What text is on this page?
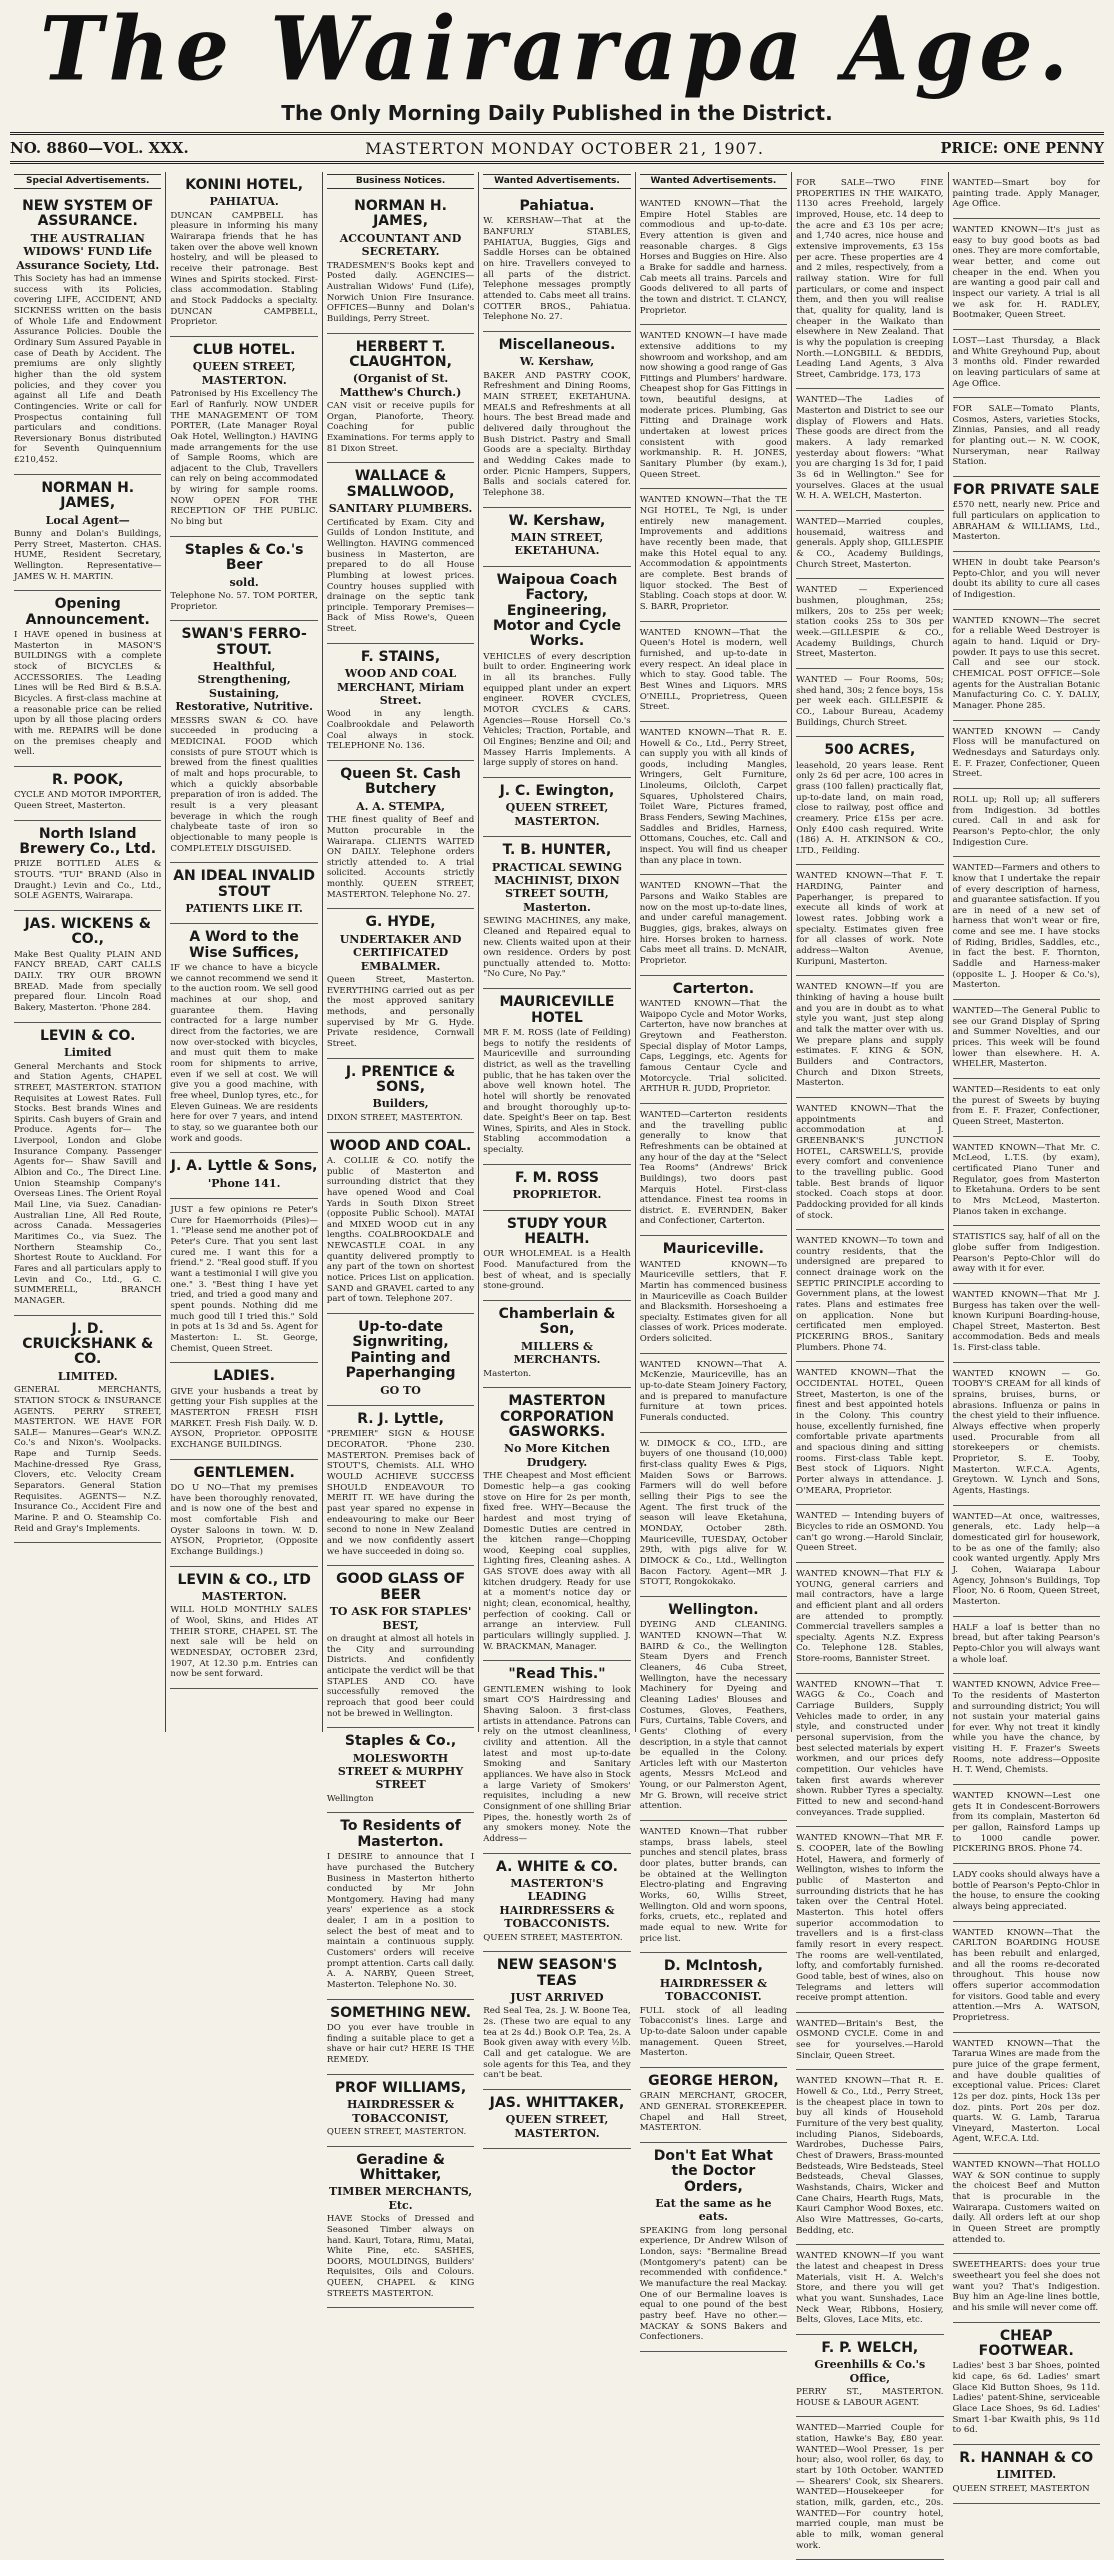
The Wairarapa Age.
The Only Morning Daily Published in the District.
NO. 8860—VOL. XXX.	MASTERTON MONDAY OCTOBER 21, 1907.	PRICE: ONE PENNY
Special Advertisements.
NEW SYSTEM OF ASSURANCE.
THE AUSTRALIAN WIDOWS' FUND Life Assurance Society, Ltd.

This Society has had an immense success with its Policies, covering LIFE, ACCIDENT, AND SICKNESS written on the basis of Whole Life and Endowment Assurance Policies. Double the Ordinary Sum Assured Payable in case of Death by Accident. The premiums are only slightly higher than the old system policies, and they cover you against all Life and Death Contingencies. Write or call for Prospectus containing full particulars and conditions. Reversionary Bonus distributed for Seventh Quinquennium £210,452.

NORMAN H. JAMES,
Local Agent—

Bunny and Dolan's Buildings, Perry Street, Masterton. CHAS. HUME, Resident Secretary, Wellington. Representative— JAMES W. H. MARTIN.

Opening Announcement.

I HAVE opened in business at Masterton in MASON'S BUILDINGS with a complete stock of BICYCLES & ACCESSORIES. The Leading Lines will be Red Bird & B.S.A. Bicycles. A first-class machine at a reasonable price can be relied upon by all those placing orders with me. REPAIRS will be done on the premises cheaply and well.

R. POOK,

CYCLE AND MOTOR IMPORTER, Queen Street, Masterton.

North Island Brewery Co., Ltd.

PRIZE BOTTLED ALES & STOUTS. "TUI" BRAND (Also in Draught.) Levin and Co., Ltd., SOLE AGENTS, Wairarapa.

JAS. WICKENS & CO.,

Make Best Quality PLAIN AND FANCY BREAD, CART CALLS DAILY. TRY OUR BROWN BREAD. Made from specially prepared flour. Lincoln Road Bakery, Masterton. 'Phone 284.

LEVIN & CO.
Limited

General Merchants and Stock and Station Agents, CHAPEL STREET, MASTERTON. STATION Requisites at Lowest Rates. Full Stocks. Best brands Wines and Spirits. Cash buyers of Grain and Produce. Agents for— The Liverpool, London and Globe Insurance Company. Passenger Agents for— Shaw Savill and Albion and Co., The Direct Line. Union Steamship Company's Overseas Lines. The Orient Royal Mail Line, via Suez. Canadian-Australian Line, All Red Route, across Canada. Messageries Maritimes Co., via Suez. The Northern Steamship Co., Shortest Route to Auckland. For Fares and all particulars apply to Levin and Co., Ltd., G. C. SUMMERELL, BRANCH MANAGER.

J. D. CRUICKSHANK & CO.
LIMITED.

GENERAL MERCHANTS, STATION STOCK & INSURANCE AGENTS. PERRY STREET, MASTERTON. WE HAVE FOR SALE— Manures—Gear's W.N.Z. Co.'s and Nixon's. Woolpacks. Rape and Turnip Seeds. Machine-dressed Rye Grass, Clovers, etc. Velocity Cream Separators. General Station Requisites. AGENTS— N.Z. Insurance Co., Accident Fire and Marine. P. and O. Steamship Co. Reid and Gray's Implements.

KONINI HOTEL,
PAHIATUA.

DUNCAN CAMPBELL has pleasure in informing his many Wairarapa friends that he has taken over the above well known hostelry, and will be pleased to receive their patronage. Best Wines and Spirits stocked. First-class accommodation. Stabling and Stock Paddocks a specialty. DUNCAN CAMPBELL, Proprietor.

CLUB HOTEL.
QUEEN STREET, MASTERTON.

Patronised by His Excellency The Earl of Ranfurly. NOW UNDER THE MANAGEMENT OF TOM PORTER, (Late Manager Royal Oak Hotel, Wellington.) HAVING made arrangements for the use of Sample Rooms, which are adjacent to the Club, Travellers can rely on being accommodated by wiring for sample rooms. NOW OPEN FOR THE RECEPTION OF THE PUBLIC. No bing but

Staples & Co.'s Beer
sold.

Telephone No. 57. TOM PORTER, Proprietor.

SWAN'S FERRO-STOUT.
Healthful, Strengthening, Sustaining, Restorative, Nutritive.

MESSRS SWAN & CO. have succeeded in producing a MEDICINAL FOOD which consists of pure STOUT which is brewed from the finest qualities of malt and hops procurable, to which a quickly absorbable preparation of iron is added. The result is a very pleasant beverage in which the rough chalybeate taste of iron so objectionable to many people is COMPLETELY DISGUISED.

AN IDEAL INVALID STOUT
PATIENTS LIKE IT.
A Word to the Wise Suffices,

IF we chance to have a bicycle we cannot recommend we send it to the auction room. We sell good machines at our shop, and guarantee them. Having contracted for a large number direct from the factories, we are now over-stocked with bicycles, and must quit them to make room for shipments to arrive, even if we sell at cost. We will give you a good machine, with free wheel, Dunlop tyres, etc., for Eleven Guineas. We are residents here for over 7 years, and intend to stay, so we guarantee both our work and goods.

J. A. Lyttle & Sons,
'Phone 141.

JUST a few opinions re Peter's Cure for Haemorrhoids (Piles)— 1. "Please send me another pot of Peter's Cure. That you sent last cured me. I want this for a friend." 2. "Real good stuff. If you want a testimonial I will give you one." 3. "Best thing I have yet tried, and tried a good many and spent pounds. Nothing did me much good till I tried this." Sold in pots at 1s 3d and 5s. Agent for Masterton: L. St. George, Chemist, Queen Street.

LADIES.

GIVE your husbands a treat by getting your Fish supplies at the MASTERTON FRESH FISH MARKET. Fresh Fish Daily. W. D. AYSON, Proprietor. OPPOSITE EXCHANGE BUILDINGS.

GENTLEMEN.

DO U NO—That my premises have been thoroughly renovated, and is now one of the best and most comfortable Fish and Oyster Saloons in town. W. D. AYSON, Proprietor, (Opposite Exchange Buildings.)

LEVIN & CO., LTD
MASTERTON.

WILL HOLD MONTHLY SALES of Wool, Skins, and Hides AT THEIR STORE, CHAPEL ST. The next sale will be held on WEDNESDAY, OCTOBER 23rd, 1907, At 12.30 p.m. Entries can now be sent forward.

Business Notices.
NORMAN H. JAMES,
ACCOUNTANT AND SECRETARY.

TRADESMEN'S Books kept and Posted daily. AGENCIES—Australian Widows' Fund (Life), Norwich Union Fire Insurance. OFFICES—Bunny and Dolan's Buildings, Perry Street.

HERBERT T. CLAUGHTON,
(Organist of St. Matthew's Church.)

CAN visit or receive pupils for Organ, Pianoforte, Theory. Coaching for public Examinations. For terms apply to 81 Dixon Street.

WALLACE & SMALLWOOD,
SANITARY PLUMBERS.

Certificated by Exam. City and Guilds of London Institute, and Wellington. HAVING commenced business in Masterton, are prepared to do all House Plumbing at lowest prices. Country houses supplied with drainage on the septic tank principle. Temporary Premises—Back of Miss Rowe's, Queen Street.

F. STAINS,
WOOD AND COAL MERCHANT, Miriam Street.

Wood in any length. Coalbrookdale and Pelaworth Coal always in stock. TELEPHONE No. 136.

Queen St. Cash Butchery
A. A. STEMPA,

THE finest quality of Beef and Mutton procurable in the Wairarapa. CLIENTS WAITED ON DAILY. Telephone orders strictly attended to. A trial solicited. Accounts strictly monthly. QUEEN STREET, MASTERTON. Telephone No. 27.

G. HYDE,
UNDERTAKER AND CERTIFICATED EMBALMER.

Queen Street, Masterton. EVERYTHING carried out as per the most approved sanitary methods, and personally supervised by Mr G. Hyde. Private residence, Cornwall Street.

J. PRENTICE & SONS,
Builders,

DIXON STREET, MASTERTON.

WOOD AND COAL.

A. COLLIE & CO. notify the public of Masterton and surrounding district that they have opened Wood and Coal Yards in South Dixon Street (opposite Public School). MATAI and MIXED WOOD cut in any lengths. COALBROOKDALE and NEWCASTLE COAL in any quantity delivered promptly to any part of the town on shortest notice. Prices List on application. SAND and GRAVEL carted to any part of town. Telephone 207.

Up-to-date Signwriting, Painting and Paperhanging
GO TO
R. J. Lyttle,

"PREMIER" SIGN & HOUSE DECORATOR. 'Phone 230. MASTERTON. Premises back of STOUT'S, Chemists. ALL WHO WOULD ACHIEVE SUCCESS SHOULD ENDEAVOUR TO MERIT IT. WE have during the past year spared no expense in endeavouring to make our Beer second to none in New Zealand and we now confidently assert we have succeeded in doing so.

GOOD GLASS OF BEER
TO ASK FOR STAPLES' BEST,

on draught at almost all hotels in the City and surrounding Districts. And confidently anticipate the verdict will be that STAPLES AND CO. have successfully removed the reproach that good beer could not be brewed in Wellington.

Staples & Co.,
MOLESWORTH STREET & MURPHY STREET

Wellington

To Residents of Masterton.

I DESIRE to announce that I have purchased the Butchery Business in Masterton hitherto conducted by Mr John Montgomery. Having had many years' experience as a stock dealer, I am in a position to select the best of meat and to maintain a continuous supply. Customers' orders will receive prompt attention. Carts call daily. A. A. NARBY, Queen Street, Masterton. Telephone No. 30.

SOMETHING NEW.

DO you ever have trouble in finding a suitable place to get a shave or hair cut? HERE IS THE REMEDY.

PROF WILLIAMS,
HAIRDRESSER & TOBACCONIST,

QUEEN STREET, MASTERTON.

Geradine & Whittaker,
TIMBER MERCHANTS, Etc.

HAVE Stocks of Dressed and Seasoned Timber always on hand. Kauri, Totara, Rimu, Matai, White Pine, etc. SASHES, DOORS, MOULDINGS, Builders' Requisites, Oils and Colours. QUEEN, CHAPEL & KING STREETS MASTERTON.

Wanted Advertisements.
Pahiatua.

W. KERSHAW—That at the BANFURLY STABLES, PAHIATUA, Buggies, Gigs and Saddle Horses can be obtained on hire. Travellers conveyed to all parts of the district. Telephone messages promptly attended to. Cabs meet all trains. COTTER BROS., Pahiatua. Telephone No. 27.

Miscellaneous.
W. Kershaw,

BAKER AND PASTRY COOK, Refreshment and Dining Rooms, MAIN STREET, EKETAHUNA. MEALS and Refreshments at all hours. The best Bread made and delivered daily throughout the Bush District. Pastry and Small Goods are a specialty. Birthday and Wedding Cakes made to order. Picnic Hampers, Suppers, Balls and socials catered for. Telephone 38.

W. Kershaw,
MAIN STREET, EKETAHUNA.
Waipoua Coach Factory, Engineering, Motor and Cycle Works.

VEHICLES of every description built to order. Engineering work in all its branches. Fully equipped plant under an expert engineer. ROVER CYCLES, MOTOR CYCLES & CARS. Agencies—Rouse Horsell Co.'s Vehicles; Traction, Portable, and Oil Engines; Benzine and Oil; and Massey Harris Implements. A large supply of stores on hand.

J. C. Ewington,
QUEEN STREET, MASTERTON.
T. B. HUNTER,
PRACTICAL SEWING MACHINIST, DIXON STREET SOUTH, Masterton.

SEWING MACHINES, any make, Cleaned and Repaired equal to new. Clients waited upon at their own residence. Orders by post punctually attended to. Motto: "No Cure, No Pay."

MAURICEVILLE HOTEL

MR F. M. ROSS (late of Feilding) begs to notify the residents of Mauriceville and surrounding district, as well as the travelling public, that he has taken over the above well known hotel. The hotel will shortly be renovated and brought thoroughly up-to-date. Speight's Beer on tap. Best Wines, Spirits, and Ales in Stock. Stabling accommodation a specialty.

F. M. ROSS
PROPRIETOR.
STUDY YOUR HEALTH.

OUR WHOLEMEAL is a Health Food. Manufactured from the best of wheat, and is specially stone-ground.

Chamberlain & Son,
MILLERS & MERCHANTS.

Masterton.

MASTERTON CORPORATION GASWORKS.
No More Kitchen Drudgery.

THE Cheapest and Most efficient Domestic help—a gas cooking stove on Hire for 2s per month, fixed free. WHY—Because the hardest and most trying of Domestic Duties are centred in the kitchen range—Chopping wood, Keeping coal supplies, Lighting fires, Cleaning ashes. A GAS STOVE does away with all kitchen drudgery. Ready for use at a moment's notice day or night; clean, economical, healthy, perfection of cooking. Call or arrange an interview. Full particulars willingly supplied. J. W. BRACKMAN, Manager.

"Read This."

GENTLEMEN wishing to look smart CO'S Hairdressing and Shaving Saloon. 3 first-class artists in attendance. Patrons can rely on the utmost cleanliness, civility and attention. All the latest and most up-to-date Smoking and Sanitary appliances. We have also in Stock a large Variety of Smokers' requisites, including a new Consignment of one shilling Briar Pipes, the. honestly worth 2s of any smokers money. Note the Address—

A. WHITE & CO.
MASTERTON'S LEADING HAIRDRESSERS & TOBACCONISTS.

QUEEN STREET, MASTERTON.

NEW SEASON'S TEAS
JUST ARRIVED

Red Seal Tea, 2s. J. W. Boone Tea, 2s. (These two are equal to any tea at 2s 4d.) Book O.P. Tea, 2s. A Book given away with every ½lb. Call and get catalogue. We are sole agents for this Tea, and they can't be beat.

JAS. WHITTAKER,
QUEEN STREET, MASTERTON.
Wanted Advertisements.

WANTED KNOWN—That the Empire Hotel Stables are commodious and up-to-date. Every attention is given and reasonable charges. 8 Gigs Horses and Buggies on Hire. Also a Brake for saddle and harness. Cab meets all trains. Parcels and Goods delivered to all parts of the town and district. T. CLANCY, Proprietor.

WANTED KNOWN—I have made extensive additions to my showroom and workshop, and am now showing a good range of Gas Fittings and Plumbers' hardware. Cheapest shop for Gas Fittings in town, beautiful designs, at moderate prices. Plumbing, Gas Fitting and Drainage work undertaken at lowest prices consistent with good workmanship. R. H. JONES, Sanitary Plumber (by exam.), Queen Street.

WANTED KNOWN—That the TE NGI HOTEL, Te Ngi, is under entirely new management. Improvements and additions have recently been made, that make this Hotel equal to any. Accommodation & appointments are complete. Best brands of liquor stocked. The Best of Stabling. Coach stops at door. W. S. BARR, Proprietor.

WANTED KNOWN—That the Queen's Hotel is modern, well furnished, and up-to-date in every respect. An ideal place in which to stay. Good table. The Best Wines and Liquors. MRS O'NEILL, Proprietress, Queen Street.

WANTED KNOWN—That R. E. Howell & Co., Ltd., Perry Street, can supply you with all kinds of goods, including Mangles, Wringers, Gelt Furniture, Linoleums, Oilcloth, Carpet Squares, Upholstered Chairs, Toilet Ware, Pictures framed, Brass Fenders, Sewing Machines, Saddles and Bridles, Harness, Ottomans, Couches, etc. Call and inspect. You will find us cheaper than any place in town.

WANTED KNOWN—That the Parsons and Waiko Stables are now on the most up-to-date lines, and under careful management. Buggies, gigs, brakes, always on hire. Horses broken to harness. Cabs meet all trains. D. McNAIR, Proprietor.

Carterton.

WANTED KNOWN—That the Waipopo Cycle and Motor Works, Carterton, have now branches at Greytown and Featherston. Special display of Motor Lamps, Caps, Leggings, etc. Agents for famous Centaur Cycle and Motorcycle. Trial solicited. ARTHUR R. JUDD, Proprietor.

WANTED—Carterton residents and the travelling public generally to know that Refreshments can be obtained at any hour of the day at the "Select Tea Rooms" (Andrews' Brick Buildings), two doors past Marquis Hotel. First-class attendance. Finest tea rooms in district. E. EVERNDEN, Baker and Confectioner, Carterton.

Mauriceville.

WANTED KNOWN—To Mauriceville settlers, that F. Martin has commenced business in Mauriceville as Coach Builder and Blacksmith. Horseshoeing a specialty. Estimates given for all classes of work. Prices moderate. Orders solicited.

WANTED KNOWN—That A. McKenzie, Mauriceville, has an up-to-date Steam Joinery Factory, and is prepared to manufacture furniture at town prices. Funerals conducted.

W. DIMOCK & CO., LTD., are buyers of one thousand (10,000) first-class quality Ewes & Pigs, Maiden Sows or Barrows. Farmers will do well before selling their Pigs to see the Agent. The first truck of the season will leave Eketahuna, MONDAY, October 28th. Mauriceville, TUESDAY, October 29th, with pigs alive for W. DIMOCK & Co., Ltd., Wellington Bacon Factory. Agent—MR J. STOTT, Rongokokako.

Wellington.

DYEING AND CLEANING. WANTED KNOWN—That W. BAIRD & Co., the Wellington Steam Dyers and French Cleaners, 46 Cuba Street, Wellington, have the necessary Machinery for Dyeing and Cleaning Ladies' Blouses and Costumes, Gloves, Feathers, Furs, Curtains, Table Covers, and Gents' Clothing of every description, in a style that cannot be equalled in the Colony. Articles left with our Masterton agents, Messrs McLeod and Young, or our Palmerston Agent, Mr G. Brown, will receive strict attention.

WANTED Known—That rubber stamps, brass labels, steel punches and stencil plates, brass door plates, butter brands, can be obtained at the Wellington Electro-plating and Engraving Works, 60, Willis Street, Wellington. Old and worn spoons, forks, cruets, etc., replated and made equal to new. Write for price list.

D. McIntosh,
HAIRDRESSER & TOBACCONIST.

FULL stock of all leading Tobacconist's lines. Large and Up-to-date Saloon under capable management. Queen Street, Masterton.

GEORGE HERON,

GRAIN MERCHANT, GROCER, AND GENERAL STOREKEEPER. Chapel and Hall Street, MASTERTON.

Don't Eat What the Doctor Orders,
Eat the same as he eats.

SPEAKING from long personal experience, Dr Andrew Wilson of London, says: "Bermaline Bread (Montgomery's patent) can be recommended with confidence." We manufacture the real Mackay. One of our Bermaline loaves is equal to one pound of the best pastry beef. Have no other.—MACKAY & SONS Bakers and Confectioners.

FOR SALE—TWO FINE PROPERTIES IN THE WAIKATO, 1130 acres Freehold, largely improved, House, etc. 14 deep to the acre and £3 10s per acre; and 1,740 acres, nice house and extensive improvements, £3 15s per acre. These properties are 4 and 2 miles, respectively, from a railway station. Wire for full particulars, or come and inspect them, and then you will realise that, quality for quality, land is cheaper in the Waikato than elsewhere in New Zealand. That is why the population is creeping North.—LONGBILL & BEDDIS, Leading Land Agents, 3 Alva Street, Cambridge. 173, 173

WANTED—The Ladies of Masterton and District to see our display of Flowers and Hats. These goods are direct from the makers. A lady remarked yesterday about flowers: "What you are charging 1s 3d for, I paid 3s 6d in Wellington." See for yourselves. Glaces at the usual W. H. A. WELCH, Masterton.

WANTED—Married couples, housemaid, waitress and generals. Apply shop, GILLESPIE & CO., Academy Buildings, Church Street, Masterton.

WANTED — Experienced bushmen, ploughman, 25s; milkers, 20s to 25s per week; station cooks 25s to 30s per week.—GILLESPIE & CO., Academy Buildings, Church Street, Masterton.

WANTED — Four Rooms, 50s; shed hand, 30s; 2 fence boys, 15s per week each. GILLESPIE & CO., Labour Bureau, Academy Buildings, Church Street.

500 ACRES,

leasehold, 20 years lease. Rent only 2s 6d per acre, 100 acres in grass (100 fallen) practically flat, up-to-date land, on main road, close to railway, post office and creamery. Price £15s per acre. Only £400 cash required. Write (186) A. H. ATKINSON & CO., LTD., Feilding.

WANTED KNOWN—That F. T. HARDING, Painter and Paperhanger, is prepared to execute all kinds of work at lowest rates. Jobbing work a specialty. Estimates given free for all classes of work. Note address—Walton Avenue, Kuripuni, Masterton.

WANTED KNOWN—If you are thinking of having a house built and you are in doubt as to what style you want, just step along and talk the matter over with us. We prepare plans and supply estimates. F. KING & SON, Builders and Contractors, Church and Dixon Streets, Masterton.

WANTED KNOWN—That the appointments and accommodation at J. GREENBANK'S JUNCTION HOTEL, CARSWELL'S, provide every comfort and convenience to the travelling public. Good table. Best brands of liquor stocked. Coach stops at door. Paddocking provided for all kinds of stock.

WANTED KNOWN—To town and country residents, that the undersigned are prepared to connect drainage work on the SEPTIC PRINCIPLE according to Government plans, at the lowest rates. Plans and estimates free on application. None but certificated men employed. PICKERING BROS., Sanitary Plumbers. Phone 74.

WANTED KNOWN—That the OCCIDENTAL HOTEL, Queen Street, Masterton, is one of the finest and best appointed hotels in the Colony. This country house, excellently furnished, fine comfortable private apartments and spacious dining and sitting rooms. First-class Table kept. Best stock of Liquors. Night Porter always in attendance. J. O'MEARA, Proprietor.

WANTED — Intending buyers of Bicycles to ride an OSMOND. You can't go wrong.—Harold Sinclair, Queen Street.

WANTED KNOWN—That FLY & YOUNG, general carriers and mail contractors, have a large and efficient plant and all orders are attended to promptly. Commercial travellers samples a specialty. Agents N.Z. Express Co. Telephone 128. Stables, Store-rooms, Bannister Street.

WANTED KNOWN—That T. WAGG & Co., Coach and Carriage Builders, Supply Vehicles made to order, in any style, and constructed under personal supervision, from the best selected materials by expert workmen, and our prices defy competition. Our vehicles have taken first awards wherever shown. Rubber Tyres a specialty. Fitted to new and second-hand conveyances. Trade supplied.

WANTED KNOWN—That MR F. S. COOPER, late of the Bowling Hotel, Hawera, and formerly of Wellington, wishes to inform the public of Masterton and surrounding districts that he has taken over the Central Hotel. Masterton. This hotel offers superior accommodation to travellers and is a first-class family resort in every respect. The rooms are well-ventilated, lofty, and comfortably furnished. Good table, best of wines, also on Telegrams and letters will receive prompt attention.

WANTED—Britain's Best, the OSMOND CYCLE. Come in and see for yourselves.—Harold Sinclair, Queen Street.

WANTED KNOWN—That R. E. Howell & Co., Ltd., Perry Street, is the cheapest place in town to buy all kinds of Household Furniture of the very best quality, including Pianos, Sideboards, Wardrobes, Duchesse Pairs, Chest of Drawers, Brass-mounted Bedsteads, Wire Bedsteads, Steel Bedsteads, Cheval Glasses, Washstands, Chairs, Wicker and Cane Chairs, Hearth Rugs, Mats, Kauri Camphor Wood Boxes, etc. Also Wire Mattresses, Go-carts, Bedding, etc.

WANTED KNOWN—If you want the latest and cheapest in Dress Materials, visit H. A. Welch's Store, and there you will get what you want. Sunshades, Lace Neck Wear, Ribbons, Hosiery, Belts, Gloves, Lace Mits, etc.

F. P. WELCH,
Greenhills & Co.'s Office,

PERRY ST., MASTERTON. HOUSE & LABOUR AGENT.

WANTED—Married Couple for station, Hawke's Bay, £80 year. WANTED—Wool Presser, 1s per hour; also, wool roller, 6s day, to start by 10th October. WANTED — Shearers' Cook, six Shearers. WANTED—Housekeeper for station, milk, garden, etc., 20s. WANTED—For country hotel, married couple, man must be able to milk, woman general work.

WANTED—Smart boy for painting trade. Apply Manager, Age Office.

WANTED KNOWN—It's just as easy to buy good boots as bad ones. They are more comfortable, wear better, and come out cheaper in the end. When you are wanting a good pair call and inspect our variety. A trial is all we ask for. H. RADLEY, Bootmaker, Queen Street.

LOST—Last Thursday, a Black and White Greyhound Pup, about 3 months old. Finder rewarded on leaving particulars of same at Age Office.

FOR SALE—Tomato Plants, Cosmos, Asters, varieties Stocks, Zinnias, Pansies, and all ready for planting out.— N. W. COOK, Nurseryman, near Railway Station.

FOR PRIVATE SALE

£570 nett, nearly new. Price and full particulars on application to ABRAHAM & WILLIAMS, Ltd., Masterton.

WHEN in doubt take Pearson's Pepto-Chlor, and you will never doubt its ability to cure all cases of Indigestion.

WANTED KNOWN—The secret for a reliable Weed Destroyer is again to hand. Liquid or Dry-powder. It pays to use this secret. Call and see our stock. CHEMICAL POST OFFICE—Sole agents for the Australian Botanic Manufacturing Co. C. Y. DALLY, Manager. Phone 285.

WANTED KNOWN — Candy Floss will be manufactured on Wednesdays and Saturdays only. E. F. Frazer, Confectioner, Queen Street.

ROLL up; Roll up; all sufferers from Indigestion. 3d bottles cured. Call in and ask for Pearson's Pepto-chlor, the only Indigestion Cure.

WANTED—Farmers and others to know that I undertake the repair of every description of harness, and guarantee satisfaction. If you are in need of a new set of harness that won't wear or fire, come and see me. I have stocks of Riding, Bridles, Saddles, etc., in fact the best. F. Thornton, Saddle and Harness-maker (opposite L. J. Hooper & Co.'s), Masterton.

WANTED—The General Public to see our Grand Display of Spring and Summer Novelties, and our prices. This week will be found lower than elsewhere. H. A. WHELER, Masterton.

WANTED—Residents to eat only the purest of Sweets by buying from E. F. Frazer, Confectioner, Queen Street, Masterton.

WANTED KNOWN—That Mr. C. McLeod, L.T.S. (by exam), certificated Piano Tuner and Regulator, goes from Masterton to Eketahuna. Orders to be sent to Mrs McLeod, Masterton. Pianos taken in exchange.

STATISTICS say, half of all on the globe suffer from Indigestion. Pearson's Pepto-Chlor will do away with it for ever.

WANTED KNOWN—That Mr J. Burgess has taken over the well-known Kuripuni Boarding-house, Chapel Street, Masterton. Best accommodation. Beds and meals 1s. First-class table.

WANTED KNOWN — Go. TOOBY'S CREAM for all kinds of sprains, bruises, burns, or abrasions. Influenza or pains in the chest yield to their influence. Always effective when properly used. Procurable from all storekeepers or chemists. Proprietor, S. E. Tooby, Masterton. W.F.C.A. Agents, Greytown. W. Lynch and Sons, Agents, Hastings.

WANTED—At once, waitresses, generals, etc. Lady help—a domesticated girl for housework, to be as one of the family; also cook wanted urgently. Apply Mrs J. Cohen, Waiarapa Labour Agency, Johnson's Buildings, Top Floor, No. 6 Room, Queen Street, Masterton.

HALF a loaf is better than no bread, but after taking Pearson's Pepto-Chlor you will always want a whole loaf.

WANTED KNOWN, Advice Free— To the residents of Masterton and surrounding district; You will not sustain your material gains for ever. Why not treat it kindly while you have the chance, by visiting H. F. Frazer's Sweets Rooms, note address—Opposite H. T. Wend, Chemists.

WANTED KNOWN—Lest one gets It in Condescent-Borrowers from its complain, Masterton 6d per gallon, Rainsford Lamps up to 1000 candle power. PICKERING BROS. Phone 74.

LADY cooks should always have a bottle of Pearson's Pepto-Chlor in the house, to ensure the cooking always being appreciated.

WANTED KNOWN—That the CARLTON BOARDING HOUSE has been rebuilt and enlarged, and all the rooms re-decorated throughout. This house now offers superior accommodation for visitors. Good table and every attention.—Mrs A. WATSON, Proprietress.

WANTED KNOWN—That the Tararua Wines are made from the pure juice of the grape ferment, and have double qualities of exceptional value. Prices: Claret 12s per doz. pints, Hock 13s per doz. pints. Port 20s per doz. quarts. W. G. Lamb, Tararua Vineyard, Masterton. Local Agent, W.F.C.A. Ltd.

WANTED KNOWN—That HOLLO WAY & SON continue to supply the choicest Beef and Mutton that is procurable in the Wairarapa. Customers waited on daily. All orders left at our shop in Queen Street are promptly attended to.

SWEETHEARTS: does your true sweetheart you feel she does not want you? That's Indigestion. Buy him an Age-line lines bottle, and his smile will never come off.

CHEAP FOOTWEAR.

Ladies' best 3 bar Shoes, pointed kid cape, 6s 6d. Ladies' smart Glace Kid Button Shoes, 9s 11d. Ladies' patent-Shine, serviceable Glace Lace Shoes, 9s 6d. Ladies' Smart 1-bar Kwaith phis, 9s 11d to 6d.

R. HANNAH & CO
LIMITED.

QUEEN STREET, MASTERTON
